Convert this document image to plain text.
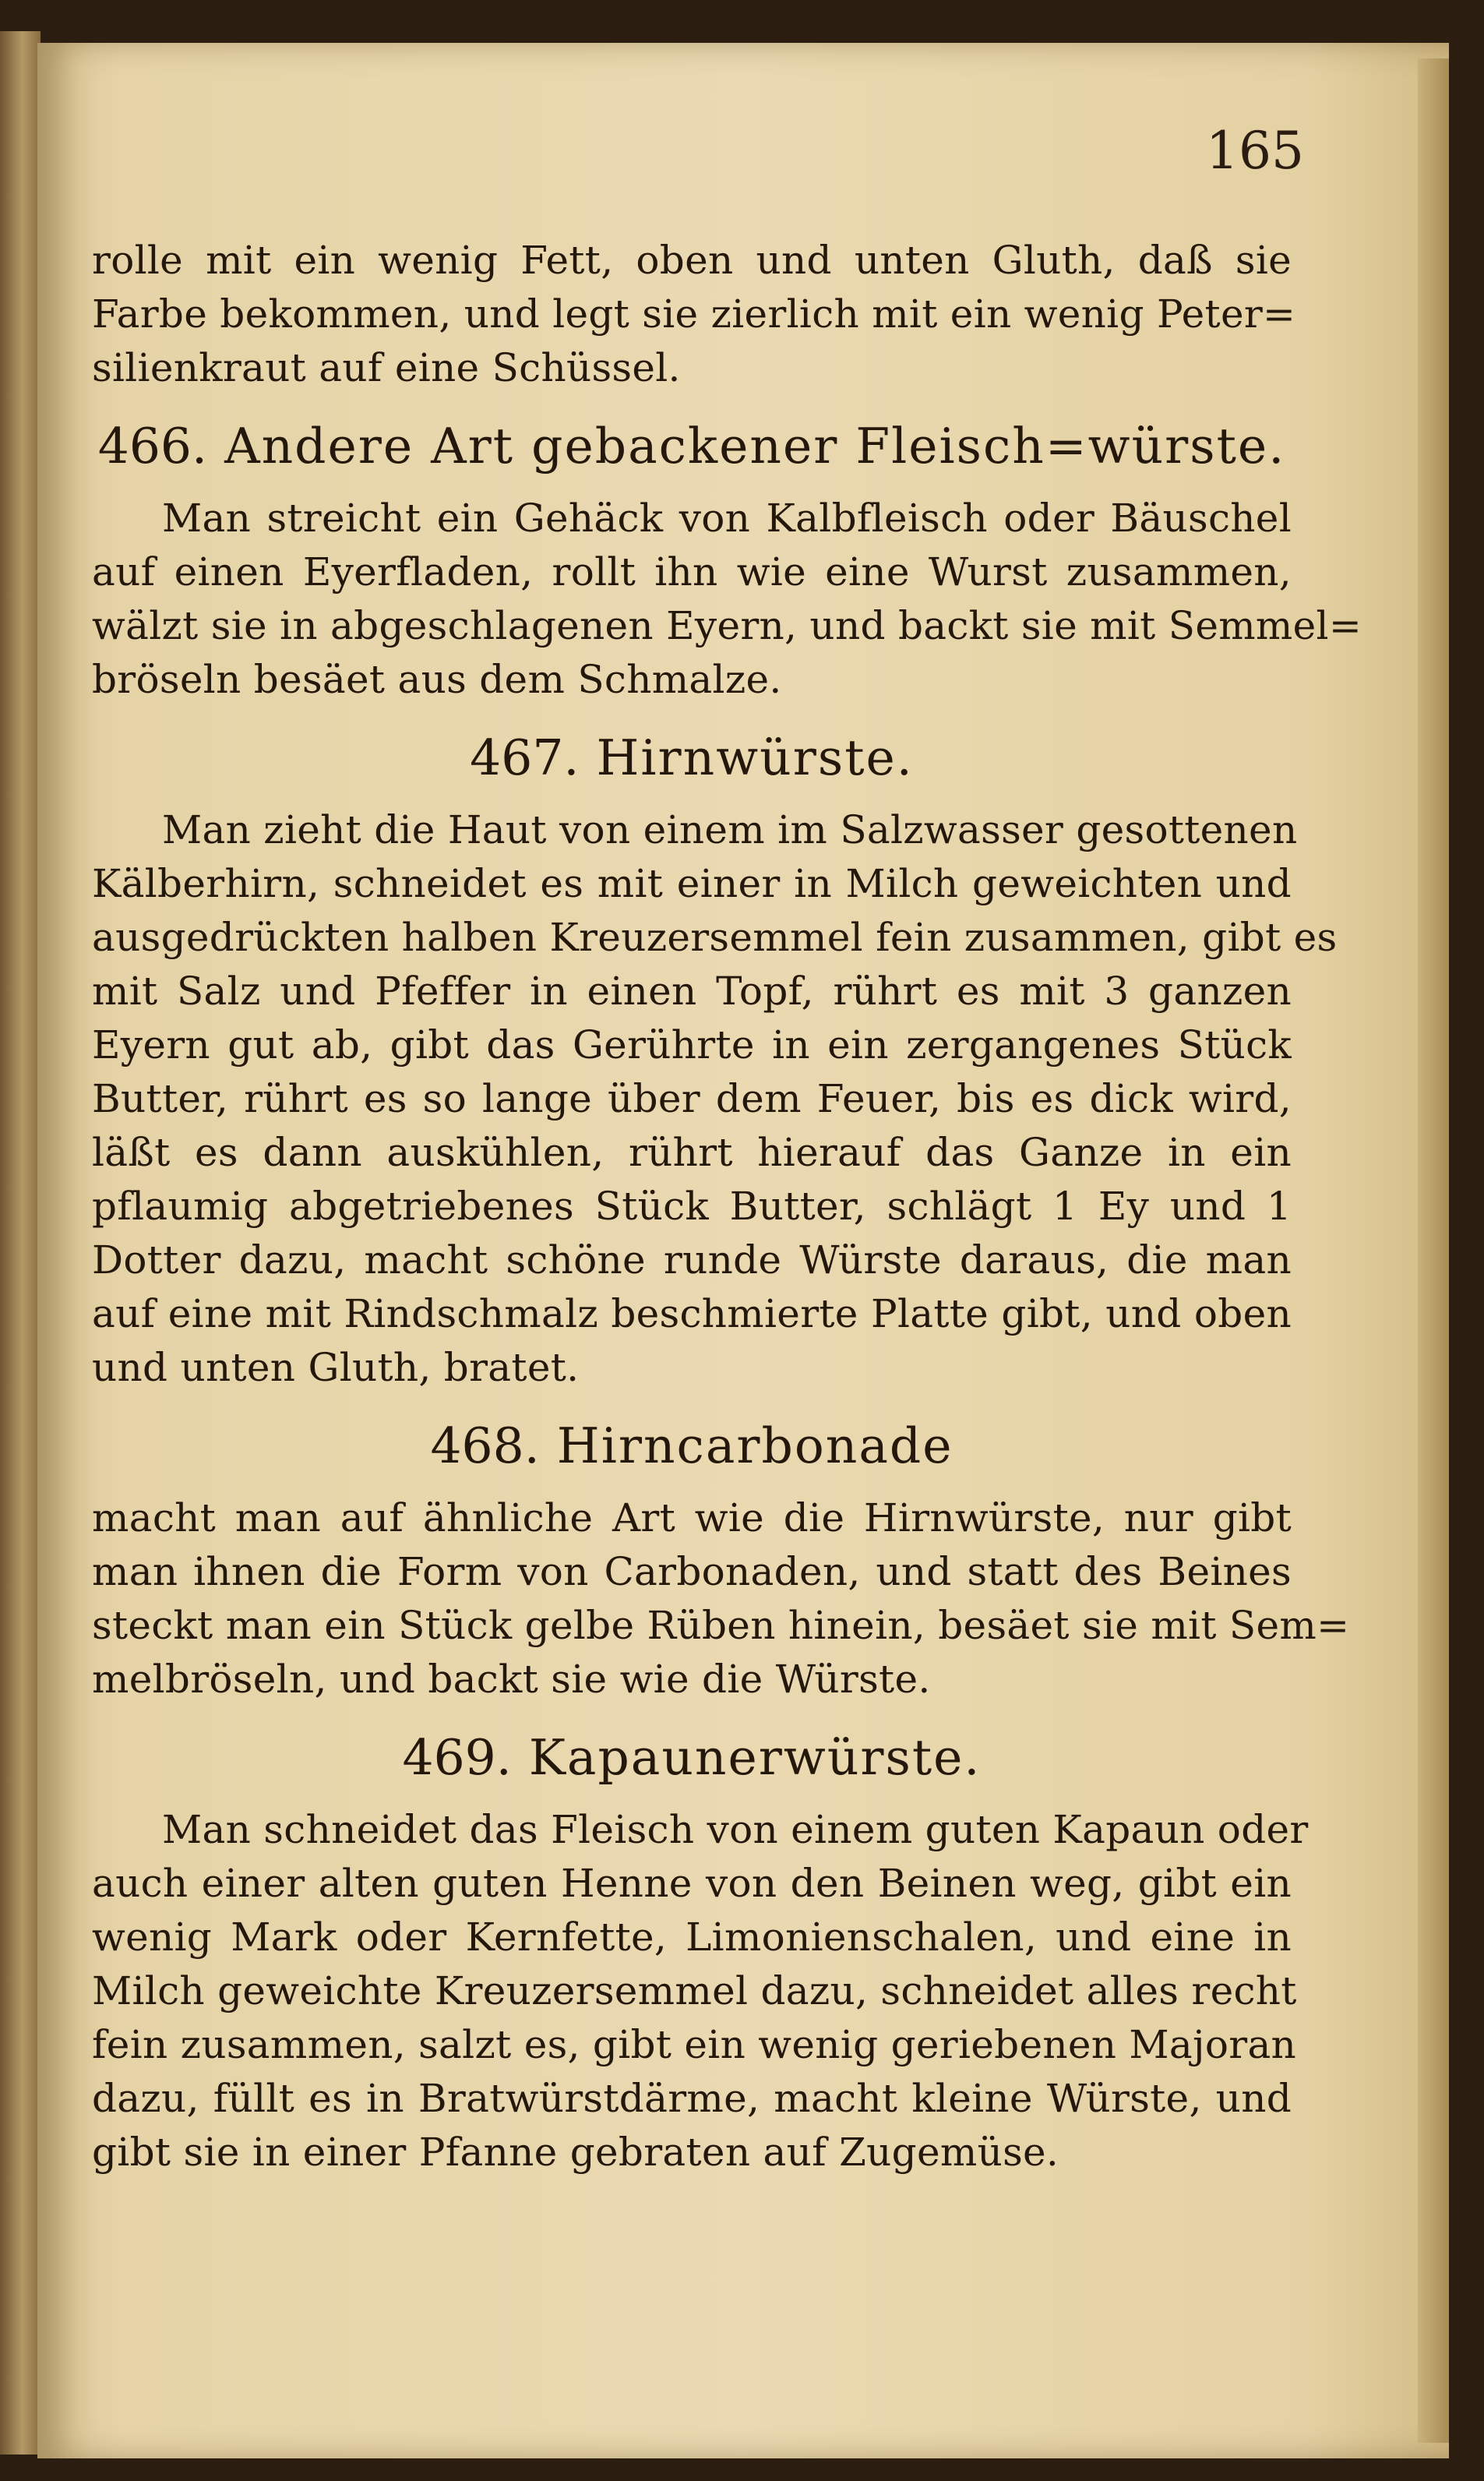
165
rolle mit ein wenig Fett, oben und unten Gluth, daß sie
Farbe bekommen, und legt sie zierlich mit ein wenig Peter=
silienkraut auf eine Schüssel.
466. Andere Art gebackener Fleisch=würste.
Man streicht ein Gehäck von Kalbfleisch oder Bäuschel
auf einen Eyerfladen, rollt ihn wie eine Wurst zusammen,
wälzt sie in abgeschlagenen Eyern, und backt sie mit Semmel=
bröseln besäet aus dem Schmalze.
467. Hirnwürste.
Man zieht die Haut von einem im Salzwasser gesottenen
Kälberhirn, schneidet es mit einer in Milch geweichten und
ausgedrückten halben Kreuzersemmel fein zusammen, gibt es
mit Salz und Pfeffer in einen Topf, rührt es mit 3 ganzen
Eyern gut ab, gibt das Gerührte in ein zergangenes Stück
Butter, rührt es so lange über dem Feuer, bis es dick wird,
läßt es dann auskühlen, rührt hierauf das Ganze in ein
pflaumig abgetriebenes Stück Butter, schlägt 1 Ey und 1
Dotter dazu, macht schöne runde Würste daraus, die man
auf eine mit Rindschmalz beschmierte Platte gibt, und oben
und unten Gluth, bratet.
468. Hirncarbonade
macht man auf ähnliche Art wie die Hirnwürste, nur gibt
man ihnen die Form von Carbonaden, und statt des Beines
steckt man ein Stück gelbe Rüben hinein, besäet sie mit Sem=
melbröseln, und backt sie wie die Würste.
469. Kapaunerwürste.
Man schneidet das Fleisch von einem guten Kapaun oder
auch einer alten guten Henne von den Beinen weg, gibt ein
wenig Mark oder Kernfette, Limonienschalen, und eine in
Milch geweichte Kreuzersemmel dazu, schneidet alles recht
fein zusammen, salzt es, gibt ein wenig geriebenen Majoran
dazu, füllt es in Bratwürstdärme, macht kleine Würste, und
gibt sie in einer Pfanne gebraten auf Zugemüse.
